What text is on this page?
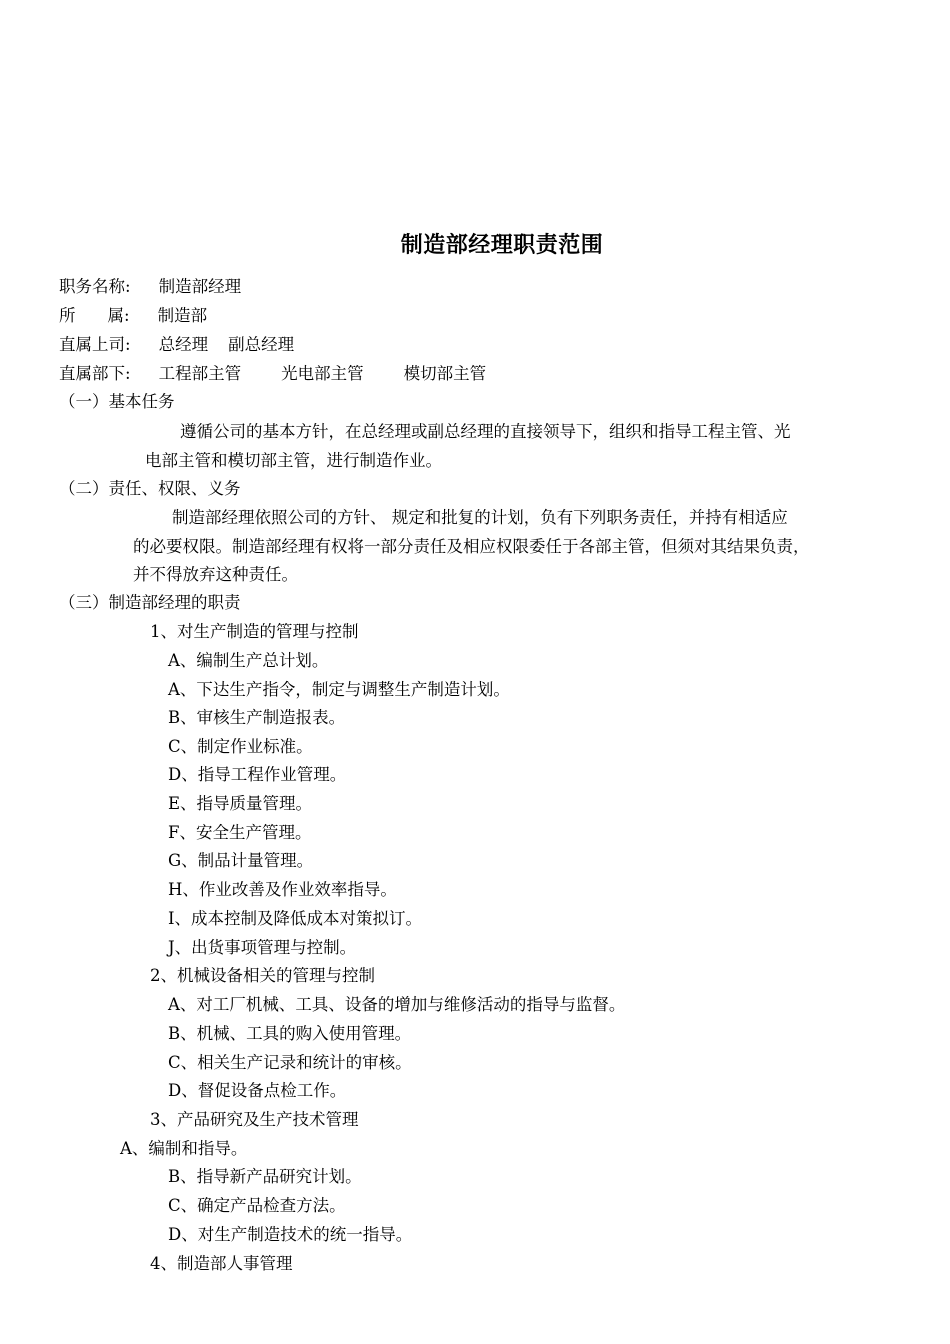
制造部经理职责范围
职务名称: 制造部经理
所 属: 制造部
直属上司: 总经理 副总经理
直属部下: 工程部主管 光电部主管 模切部主管
（一）基本任务
遵循公司的基本方针，在总经理或副总经理的直接领导下，组织和指导工程主管、光
电部主管和模切部主管，进行制造作业。
（二）责任、权限、义务
制造部经理依照公司的方针、 规定和批复的计划，负有下列职务责任，并持有相适应
的必要权限。制造部经理有权将一部分责任及相应权限委任于各部主管，但须对其结果负责，
并不得放弃这种责任。
（三）制造部经理的职责
1、对生产制造的管理与控制
A、编制生产总计划。
A、下达生产指令，制定与调整生产制造计划。
B、审核生产制造报表。
C、制定作业标准。
D、指导工程作业管理。
E、指导质量管理。
F、安全生产管理。
G、制品计量管理。
H、作业改善及作业效率指导。
I、成本控制及降低成本对策拟订。
J、出货事项管理与控制。
2、机械设备相关的管理与控制
A、对工厂机械、工具、设备的增加与维修活动的指导与监督。
B、机械、工具的购入使用管理。
C、相关生产记录和统计的审核。
D、督促设备点检工作。
3、产品研究及生产技术管理
A、编制和指导。
B、指导新产品研究计划。
C、确定产品检查方法。
D、对生产制造技术的统一指导。
4、制造部人事管理
